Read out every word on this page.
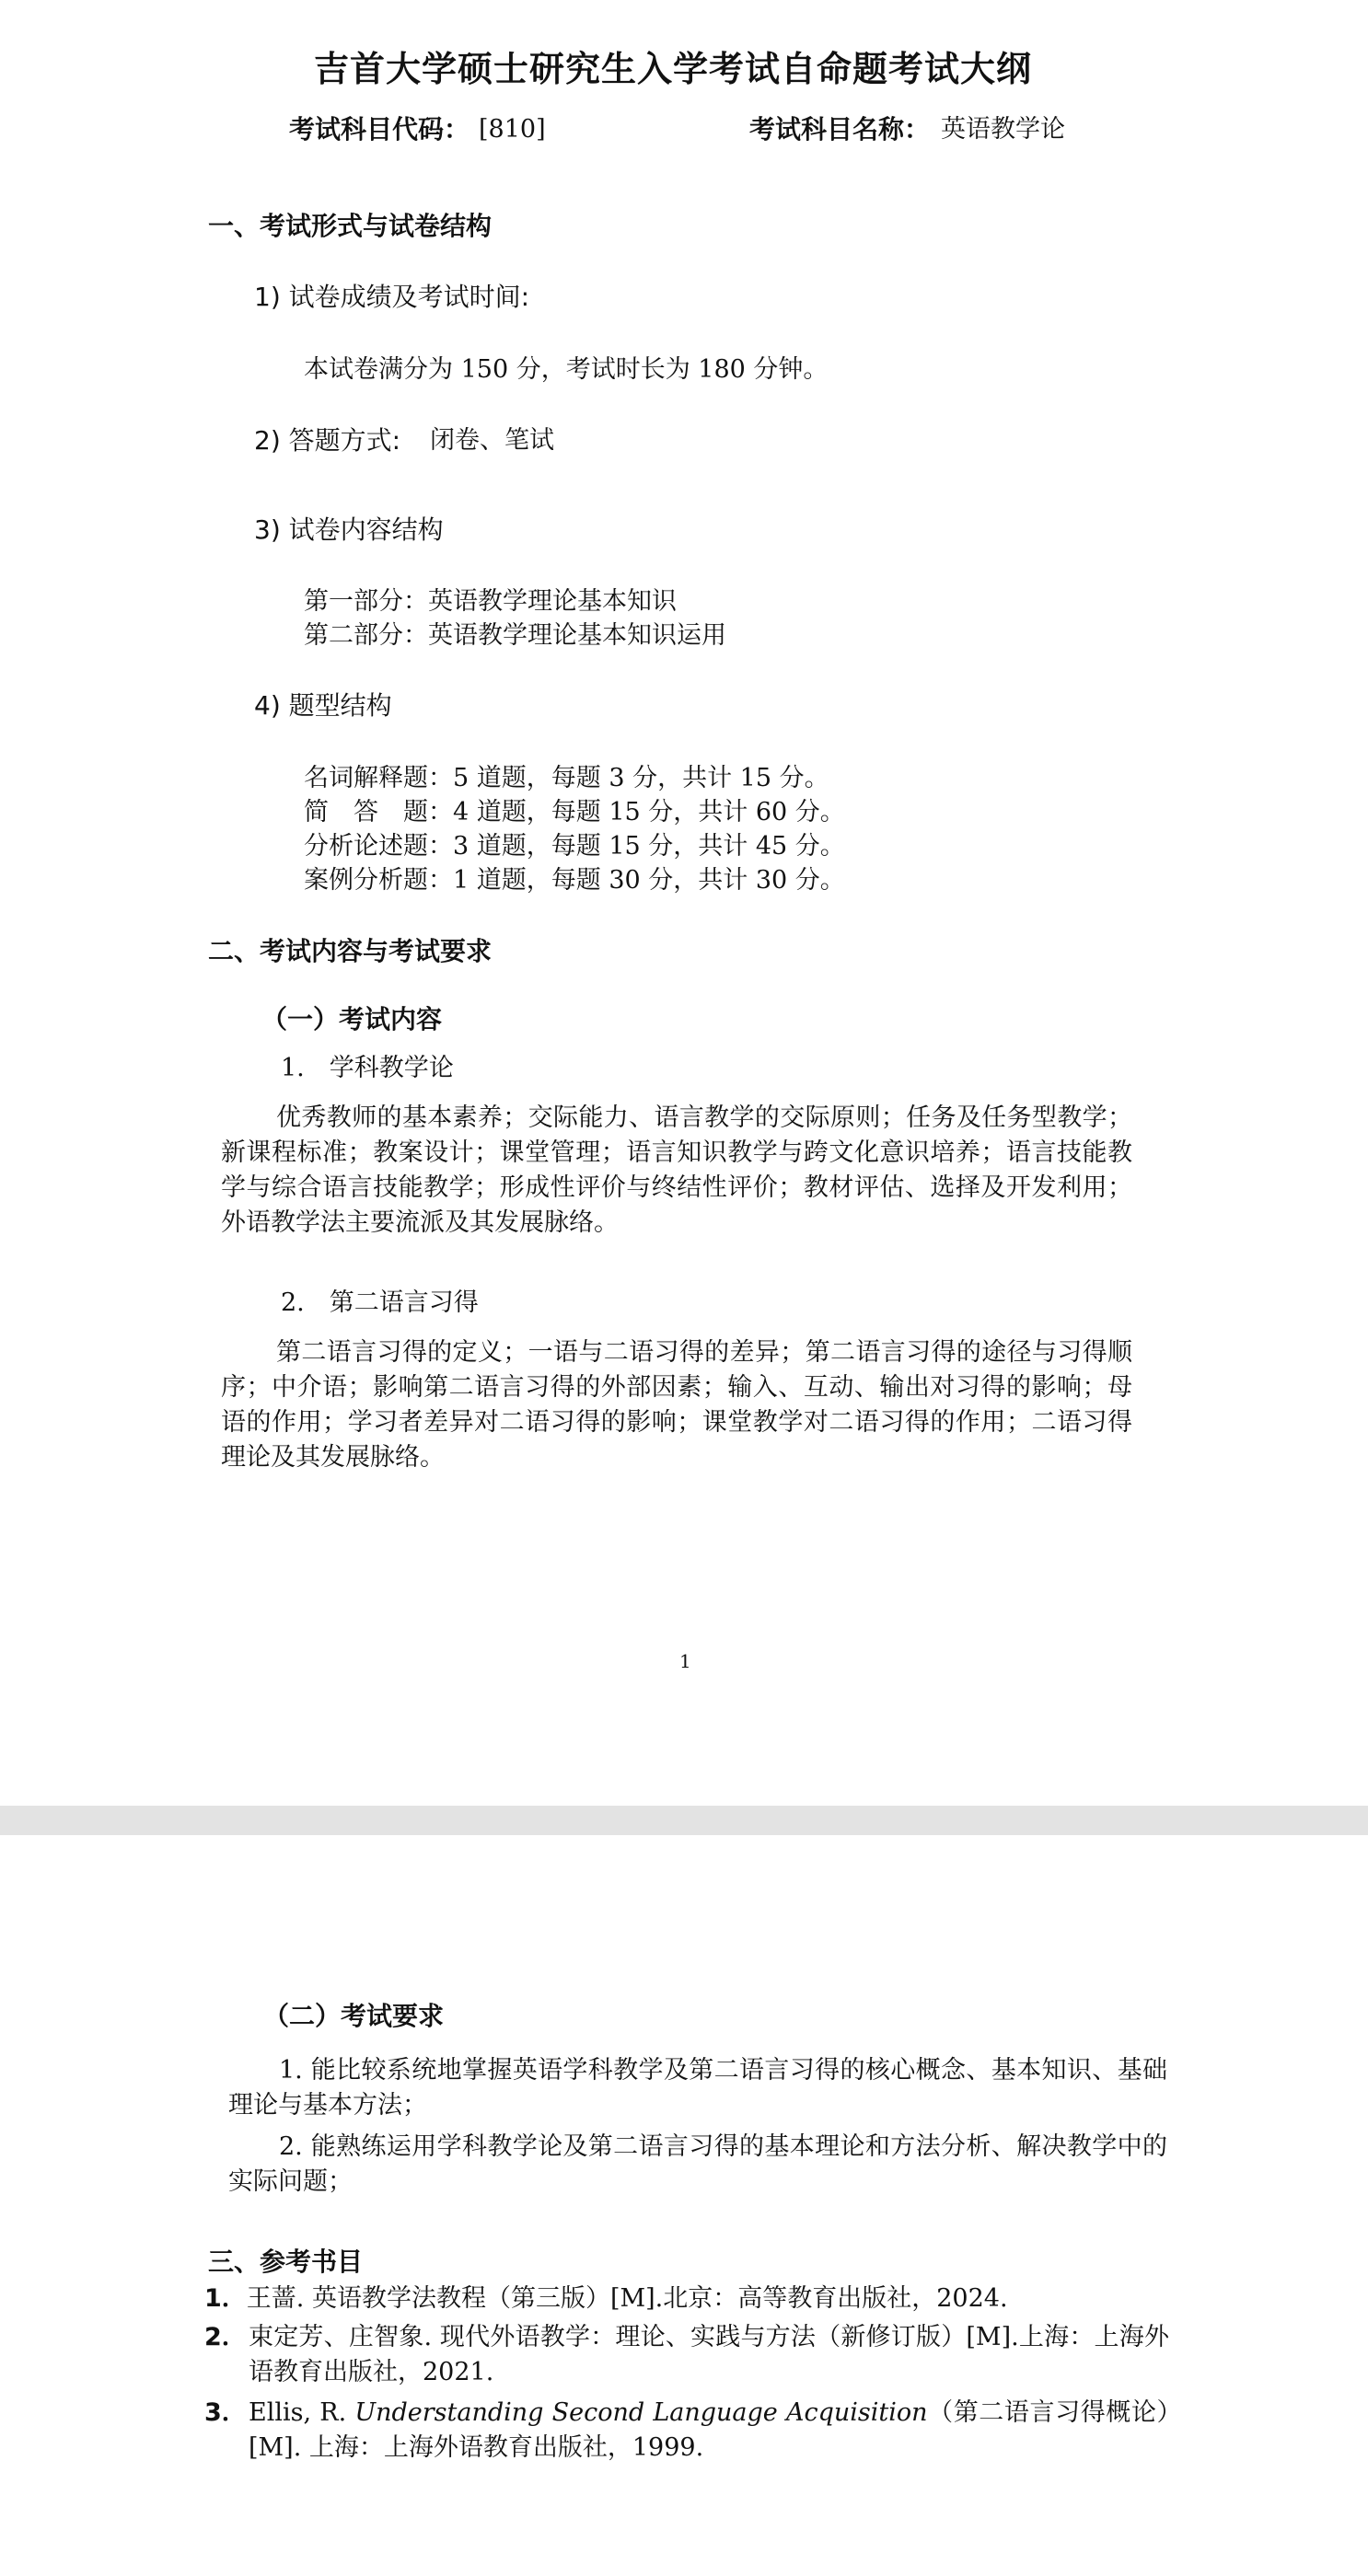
吉首大学硕士研究生入学考试自命题考试大纲
考试科目代码： [810]	考试科目名称： 英语教学论
一、考试形式与试卷结构
1) 试卷成绩及考试时间:
本试卷满分为 150 分，考试时长为 180 分钟。
2) 答题方式: 闭卷、笔试
3) 试卷内容结构
第一部分：英语教学理论基本知识
第二部分：英语教学理论基本知识运用
4) 题型结构
名词解释题：5 道题，每题 3 分，共计 15 分。
简　答　题：4 道题，每题 15 分，共计 60 分。
分析论述题：3 道题，每题 15 分，共计 45 分。
案例分析题：1 道题，每题 30 分，共计 30 分。
二、考试内容与考试要求
（一）考试内容
1.　学科教学论
优秀教师的基本素养；交际能力、语言教学的交际原则；任务及任务型教学；新课程标准；教案设计；课堂管理；语言知识教学与跨文化意识培养；语言技能教学与综合语言技能教学；形成性评价与终结性评价；教材评估、选择及开发利用；外语教学法主要流派及其发展脉络。
2.　第二语言习得
第二语言习得的定义；一语与二语习得的差异；第二语言习得的途径与习得顺序；中介语；影响第二语言习得的外部因素；输入、互动、输出对习得的影响；母语的作用；学习者差异对二语习得的影响；课堂教学对二语习得的作用；二语习得理论及其发展脉络。
1
（二）考试要求
1. 能比较系统地掌握英语学科教学及第二语言习得的核心概念、基本知识、基础理论与基本方法；
2. 能熟练运用学科教学论及第二语言习得的基本理论和方法分析、解决教学中的实际问题；
三、参考书目
1．王蔷. 英语教学法教程（第三版）[M].北京：高等教育出版社，2024.
2． 束定芳、庄智象. 现代外语教学：理论、实践与方法（新修订版）[M].上海：上海外语教育出版社，2021.
3． Ellis, R. Understanding Second Language Acquisition（第二语言习得概论）[M]. 上海：上海外语教育出版社，1999.
